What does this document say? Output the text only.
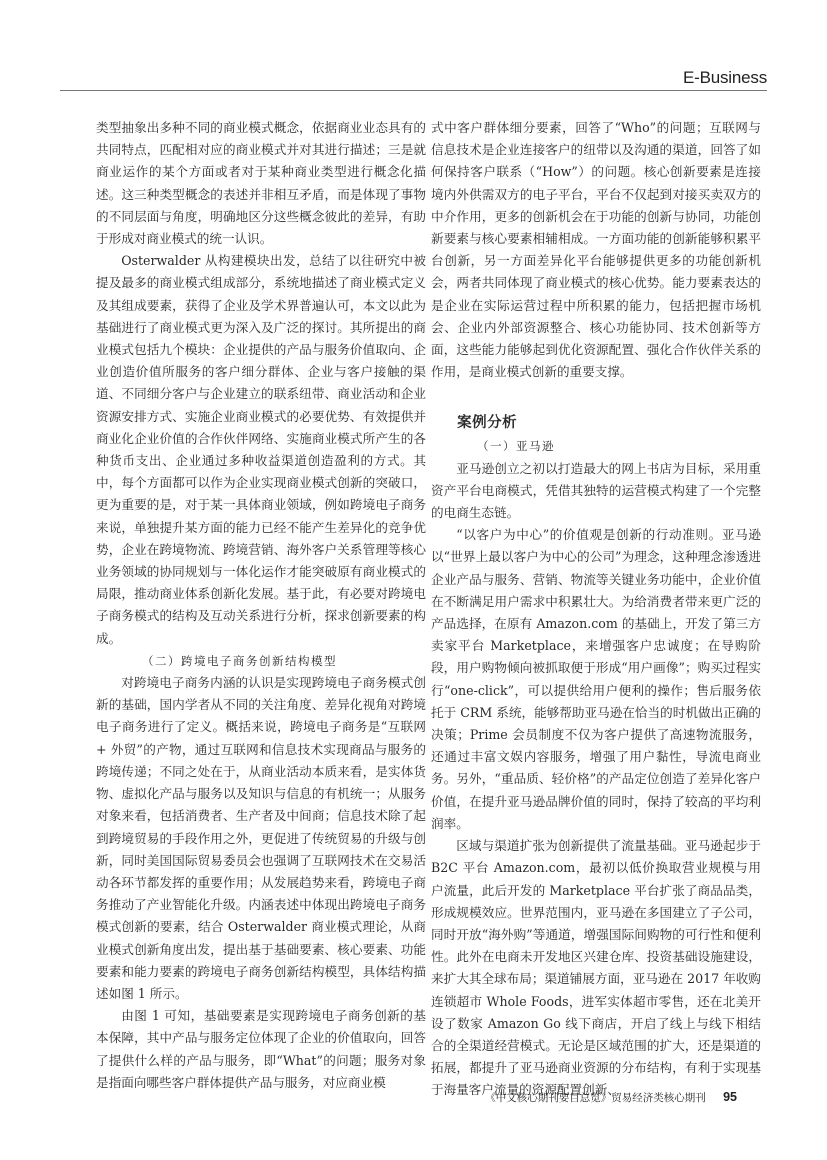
E-Business

类型抽象出多种不同的商业模式概念，依据商业业态具有的共同特点，匹配相对应的商业模式并对其进行描述；三是就商业运作的某个方面或者对于某种商业类型进行概念化描述。这三种类型概念的表述并非相互矛盾，而是体现了事物的不同层面与角度，明确地区分这些概念彼此的差异，有助于形成对商业模式的统一认识。

Osterwalder 从构建模块出发，总结了以往研究中被提及最多的商业模式组成部分，系统地描述了商业模式定义及其组成要素，获得了企业及学术界普遍认可，本文以此为基础进行了商业模式更为深入及广泛的探讨。其所提出的商业模式包括九个模块：企业提供的产品与服务价值取向、企业创造价值所服务的客户细分群体、企业与客户接触的渠道、不同细分客户与企业建立的联系纽带、商业活动和企业资源安排方式、实施企业商业模式的必要优势、有效提供并商业化企业价值的合作伙伴网络、实施商业模式所产生的各种货币支出、企业通过多种收益渠道创造盈利的方式。其中，每个方面都可以作为企业实现商业模式创新的突破口，更为重要的是，对于某一具体商业领域，例如跨境电子商务来说，单独提升某方面的能力已经不能产生差异化的竞争优势，企业在跨境物流、跨境营销、海外客户关系管理等核心业务领域的协同规划与一体化运作才能突破原有商业模式的局限，推动商业体系创新化发展。基于此，有必要对跨境电子商务模式的结构及互动关系进行分析，探求创新要素的构成。

（二）跨境电子商务创新结构模型

对跨境电子商务内涵的认识是实现跨境电子商务模式创新的基础，国内学者从不同的关注角度、差异化视角对跨境电子商务进行了定义。概括来说，跨境电子商务是“互联网 + 外贸”的产物，通过互联网和信息技术实现商品与服务的跨境传递；不同之处在于，从商业活动本质来看，是实体货物、虚拟化产品与服务以及知识与信息的有机统一；从服务对象来看，包括消费者、生产者及中间商；信息技术除了起到跨境贸易的手段作用之外，更促进了传统贸易的升级与创新，同时美国国际贸易委员会也强调了互联网技术在交易活动各环节都发挥的重要作用；从发展趋势来看，跨境电子商务推动了产业智能化升级。内涵表述中体现出跨境电子商务模式创新的要素，结合 Osterwalder 商业模式理论，从商业模式创新角度出发，提出基于基础要素、核心要素、功能要素和能力要素的跨境电子商务创新结构模型，具体结构描述如图 1 所示。

由图 1 可知，基础要素是实现跨境电子商务创新的基本保障，其中产品与服务定位体现了企业的价值取向，回答了提供什么样的产品与服务，即“What”的问题；服务对象是指面向哪些客户群体提供产品与服务，对应商业模

式中客户群体细分要素，回答了“Who”的问题；互联网与信息技术是企业连接客户的纽带以及沟通的渠道，回答了如何保持客户联系（“How”）的问题。核心创新要素是连接境内外供需双方的电子平台，平台不仅起到对接买卖双方的中介作用，更多的创新机会在于功能的创新与协同，功能创新要素与核心要素相辅相成。一方面功能的创新能够积累平台创新，另一方面差异化平台能够提供更多的功能创新机会，两者共同体现了商业模式的核心优势。能力要素表达的是企业在实际运营过程中所积累的能力，包括把握市场机会、企业内外部资源整合、核心功能协同、技术创新等方面，这些能力能够起到优化资源配置、强化合作伙伴关系的作用，是商业模式创新的重要支撑。

案例分析

（一）亚马逊

亚马逊创立之初以打造最大的网上书店为目标，采用重资产平台电商模式，凭借其独特的运营模式构建了一个完整的电商生态链。

“以客户为中心”的价值观是创新的行动准则。亚马逊以“世界上最以客户为中心的公司”为理念，这种理念渗透进企业产品与服务、营销、物流等关键业务功能中，企业价值在不断满足用户需求中积累壮大。为给消费者带来更广泛的产品选择，在原有 Amazon.com 的基础上，开发了第三方卖家平台 Marketplace，来增强客户忠诚度；在导购阶段，用户购物倾向被抓取便于形成“用户画像”；购买过程实行“one-click”，可以提供给用户便利的操作；售后服务依托于 CRM 系统，能够帮助亚马逊在恰当的时机做出正确的决策；Prime 会员制度不仅为客户提供了高速物流服务，还通过丰富文娱内容服务，增强了用户黏性，导流电商业务。另外，“重品质、轻价格”的产品定位创造了差异化客户价值，在提升亚马逊品牌价值的同时，保持了较高的平均利润率。

区域与渠道扩张为创新提供了流量基础。亚马逊起步于 B2C 平台 Amazon.com，最初以低价换取营业规模与用户流量，此后开发的 Marketplace 平台扩张了商品品类，形成规模效应。世界范围内，亚马逊在多国建立了子公司，同时开放“海外购”等通道，增强国际间购物的可行性和便利性。此外在电商未开发地区兴建仓库、投资基础设施建设，来扩大其全球布局；渠道铺展方面，亚马逊在 2017 年收购连锁超市 Whole Foods，进军实体超市零售，还在北美开设了数家 Amazon Go 线下商店，开启了线上与线下相结合的全渠道经营模式。无论是区域范围的扩大，还是渠道的拓展，都提升了亚马逊商业资源的分布结构，有利于实现基于海量客户流量的资源配置创新、

《中文核心期刊要目总览》贸易经济类核心期刊 95
